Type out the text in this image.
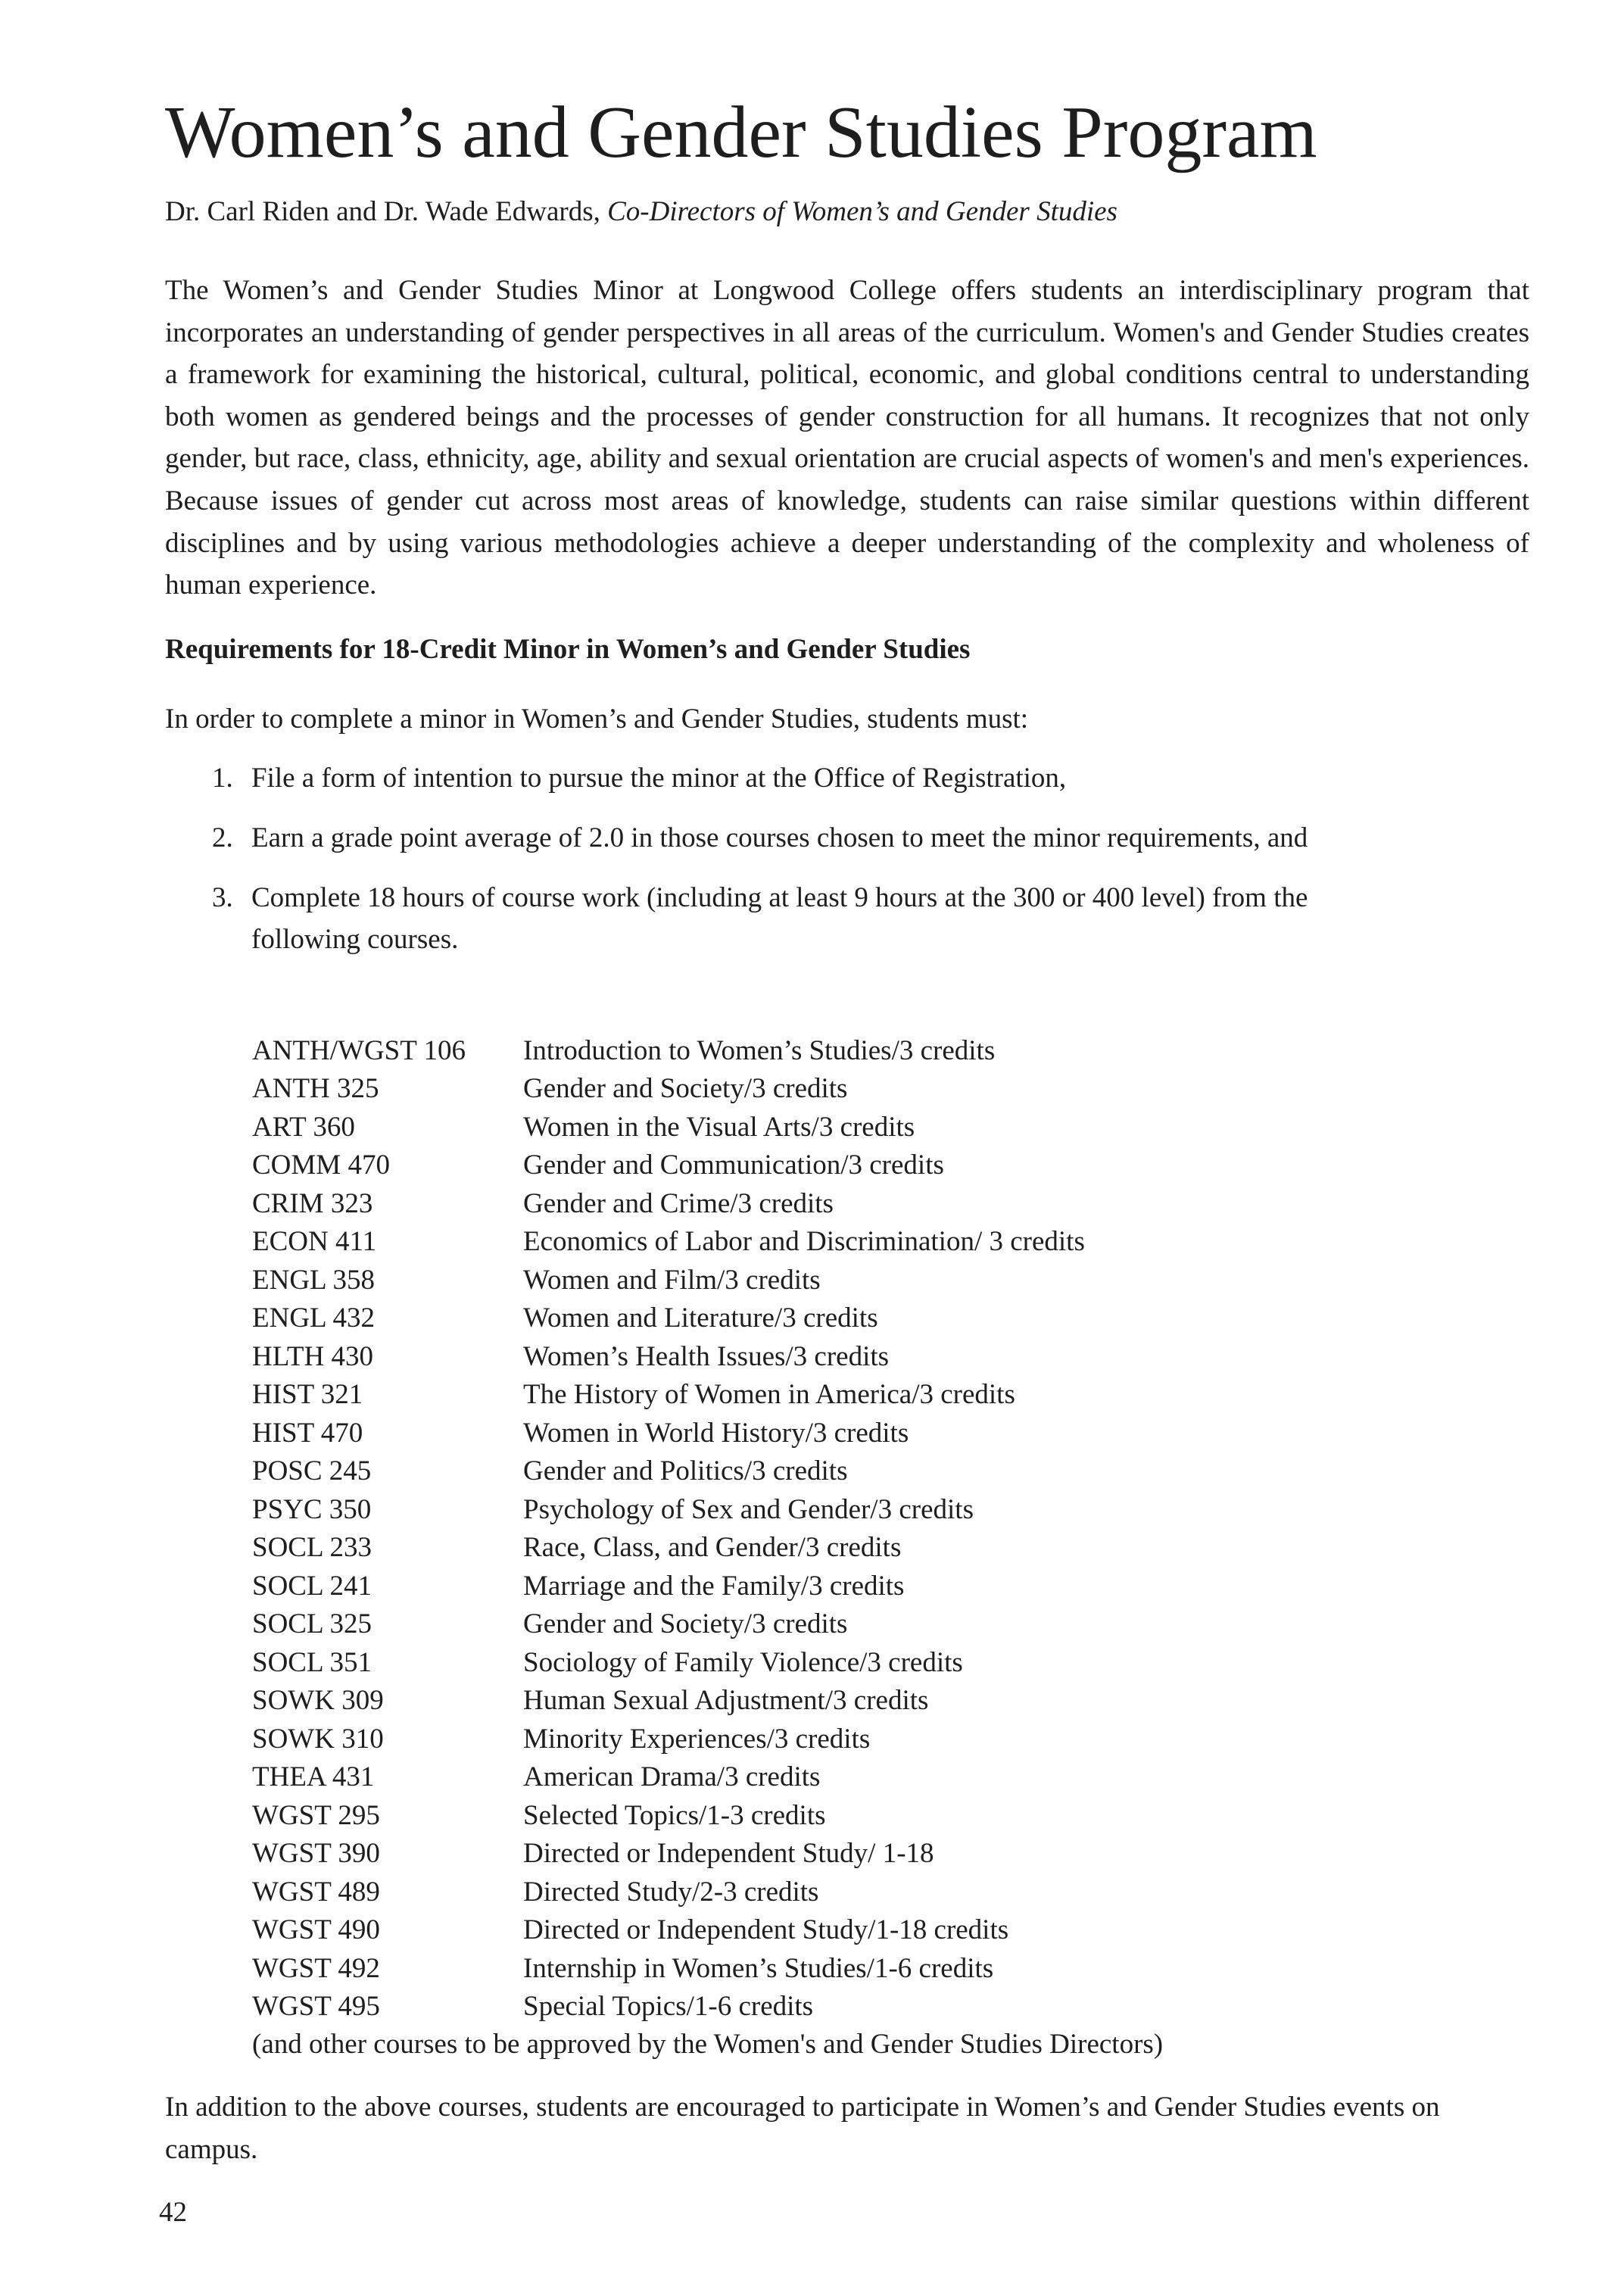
Women’s and Gender Studies Program
Dr. Carl Riden and Dr. Wade Edwards, Co-Directors of Women’s and Gender Studies

The Women’s and Gender Studies Minor at Longwood College offers students an interdisciplinary program that incorporates an understanding of gender perspectives in all areas of the curriculum. Women's and Gender Studies creates a framework for examining the historical, cultural, political, economic, and global conditions central to understanding both women as gendered beings and the processes of gender construction for all humans. It recognizes that not only gender, but race, class, ethnicity, age, ability and sexual orientation are crucial aspects of women's and men's experiences. Because issues of gender cut across most areas of knowledge, students can raise similar questions within different disciplines and by using various methodologies achieve a deeper understanding of the complexity and wholeness of human experience.

Requirements for 18-Credit Minor in Women’s and Gender Studies
In order to complete a minor in Women’s and Gender Studies, students must:
1. File a form of intention to pursue the minor at the Office of Registration,
2. Earn a grade point average of 2.0 in those courses chosen to meet the minor requirements, and
3. Complete 18 hours of course work (including at least 9 hours at the 300 or 400 level) from the following courses.
ANTH/WGST 106	Introduction to Women’s Studies/3 credits
ANTH 325	Gender and Society/3 credits
ART 360	Women in the Visual Arts/3 credits
COMM 470	Gender and Communication/3 credits
CRIM 323	Gender and Crime/3 credits
ECON 411	Economics of Labor and Discrimination/ 3 credits
ENGL 358	Women and Film/3 credits
ENGL 432	Women and Literature/3 credits
HLTH 430	Women’s Health Issues/3 credits
HIST 321	The History of Women in America/3 credits
HIST 470	Women in World History/3 credits
POSC 245	Gender and Politics/3 credits
PSYC 350	Psychology of Sex and Gender/3 credits
SOCL 233	Race, Class, and Gender/3 credits
SOCL 241	Marriage and the Family/3 credits
SOCL 325	Gender and Society/3 credits
SOCL 351	Sociology of Family Violence/3 credits
SOWK 309	Human Sexual Adjustment/3 credits
SOWK 310	Minority Experiences/3 credits
THEA 431	American Drama/3 credits
WGST 295	Selected Topics/1-3 credits
WGST 390	Directed or Independent Study/ 1-18
WGST 489	Directed Study/2-3 credits
WGST 490	Directed or Independent Study/1-18 credits
WGST 492	Internship in Women’s Studies/1-6 credits
WGST 495	Special Topics/1-6 credits
(and other courses to be approved by the Women's and Gender Studies Directors)

In addition to the above courses, students are encouraged to participate in Women’s and Gender Studies events on campus.

42
